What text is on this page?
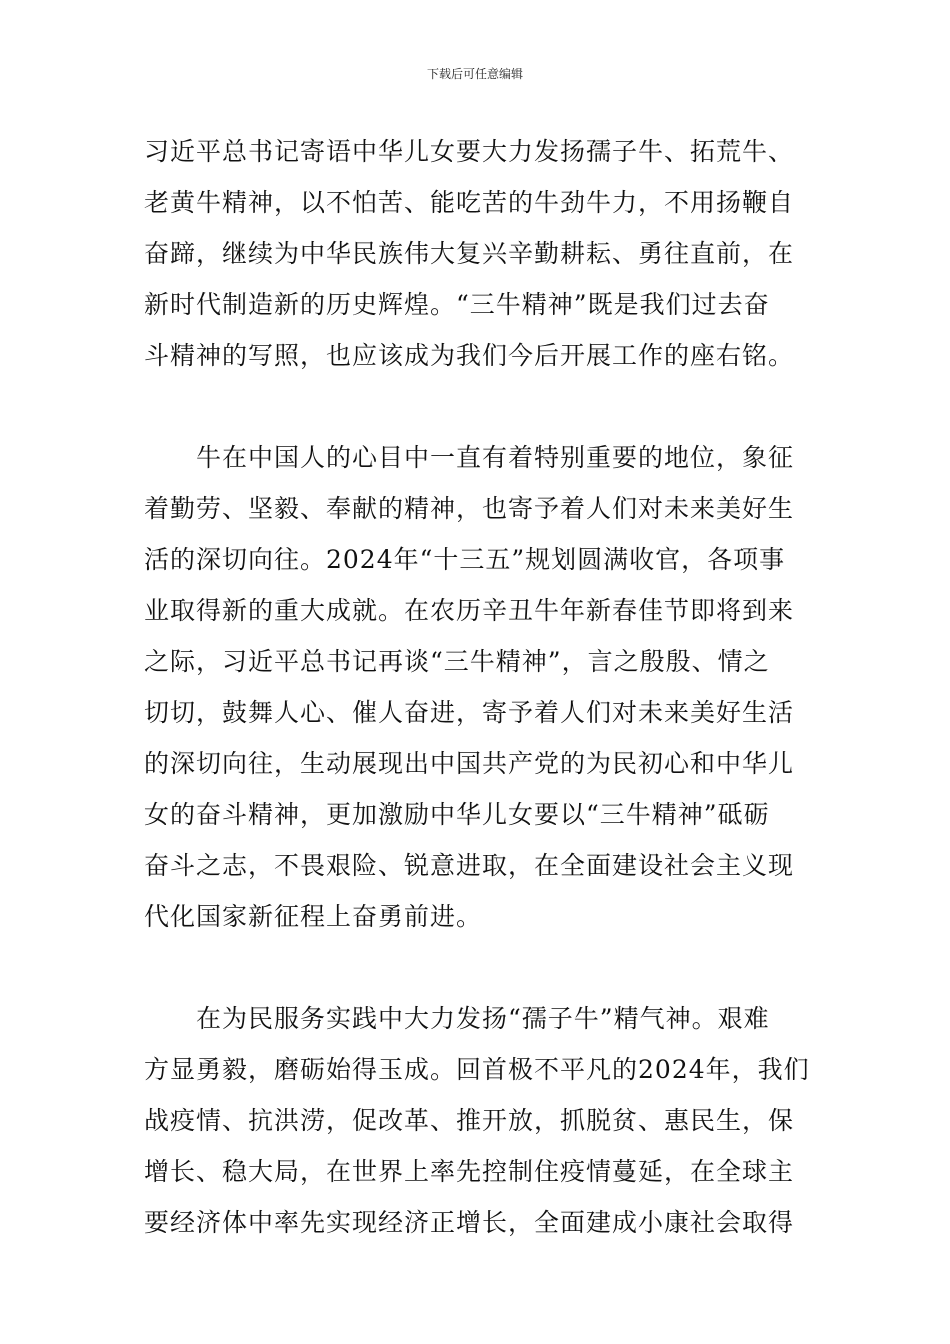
下载后可任意编辑
习近平总书记寄语中华儿女要大力发扬孺子牛、拓荒牛、
老黄牛精神，以不怕苦、能吃苦的牛劲牛力，不用扬鞭自
奋蹄，继续为中华民族伟大复兴辛勤耕耘、勇往直前，在
新时代制造新的历史辉煌。“三牛精神”既是我们过去奋
斗精神的写照，也应该成为我们今后开展工作的座右铭。
　　牛在中国人的心目中一直有着特别重要的地位，象征
着勤劳、坚毅、奉献的精神，也寄予着人们对未来美好生
活的深切向往。2024年“十三五”规划圆满收官，各项事
业取得新的重大成就。在农历辛丑牛年新春佳节即将到来
之际，习近平总书记再谈“三牛精神”，言之殷殷、情之
切切，鼓舞人心、催人奋进，寄予着人们对未来美好生活
的深切向往，生动展现出中国共产党的为民初心和中华儿
女的奋斗精神，更加激励中华儿女要以“三牛精神”砥砺
奋斗之志，不畏艰险、锐意进取，在全面建设社会主义现
代化国家新征程上奋勇前进。
　　在为民服务实践中大力发扬“孺子牛”精气神。艰难
方显勇毅，磨砺始得玉成。回首极不平凡的2024年，我们
战疫情、抗洪涝，促改革、推开放，抓脱贫、惠民生，保
增长、稳大局，在世界上率先控制住疫情蔓延，在全球主
要经济体中率先实现经济正增长，全面建成小康社会取得
